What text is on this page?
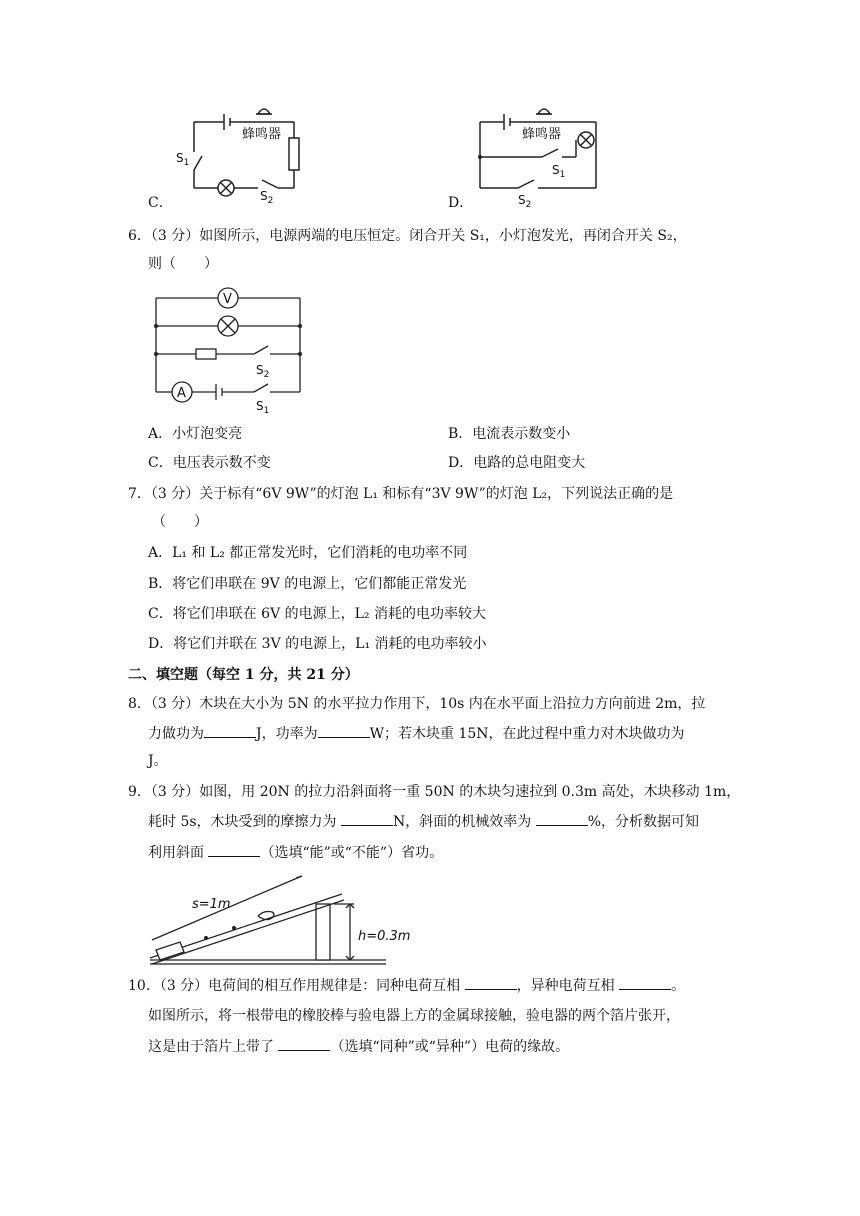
C．
蜂鸣器
$S_1$
$S_2$	D．
蜂鸣器
$S_1$
$S_2$
6．（3 分）如图所示，电源两端的电压恒定。闭合开关 S₁，小灯泡发光，再闭合开关 S₂，
则（　　）
V
A
$S_2$
$S_1$
A．小灯泡变亮	B．电流表示数变小
C．电压表示数不变	D．电路的总电阻变大
7．（3 分）关于标有“6V 9W”的灯泡 L₁ 和标有“3V 9W”的灯泡 L₂，下列说法正确的是
（　　）
A．L₁ 和 L₂ 都正常发光时，它们消耗的电功率不同
B．将它们串联在 9V 的电源上，它们都能正常发光
C．将它们串联在 6V 的电源上，L₂ 消耗的电功率较大
D．将它们并联在 3V 的电源上，L₁ 消耗的电功率较小
二、填空题（每空 1 分，共 21 分）
8．（3 分）木块在大小为 5N 的水平拉力作用下，10s 内在水平面上沿拉力方向前进 2m，拉
力做功为	J，功率为	W；若木块重 15N，在此过程中重力对木块做功为
J。
9．（3 分）如图，用 20N 的拉力沿斜面将一重 50N 的木块匀速拉到 0.3m 高处，木块移动 1m，
耗时 5s，木块受到的摩擦力为	N，斜面的机械效率为	%，分析数据可知
利用斜面	（选填“能”或“不能”）省功。
s=1m
h=0.3m
10．（3 分）电荷间的相互作用规律是：同种电荷互相	，异种电荷互相	。
如图所示，将一根带电的橡胶棒与验电器上方的金属球接触，验电器的两个箔片张开，
这是由于箔片上带了	（选填“同种”或“异种”）电荷的缘故。
